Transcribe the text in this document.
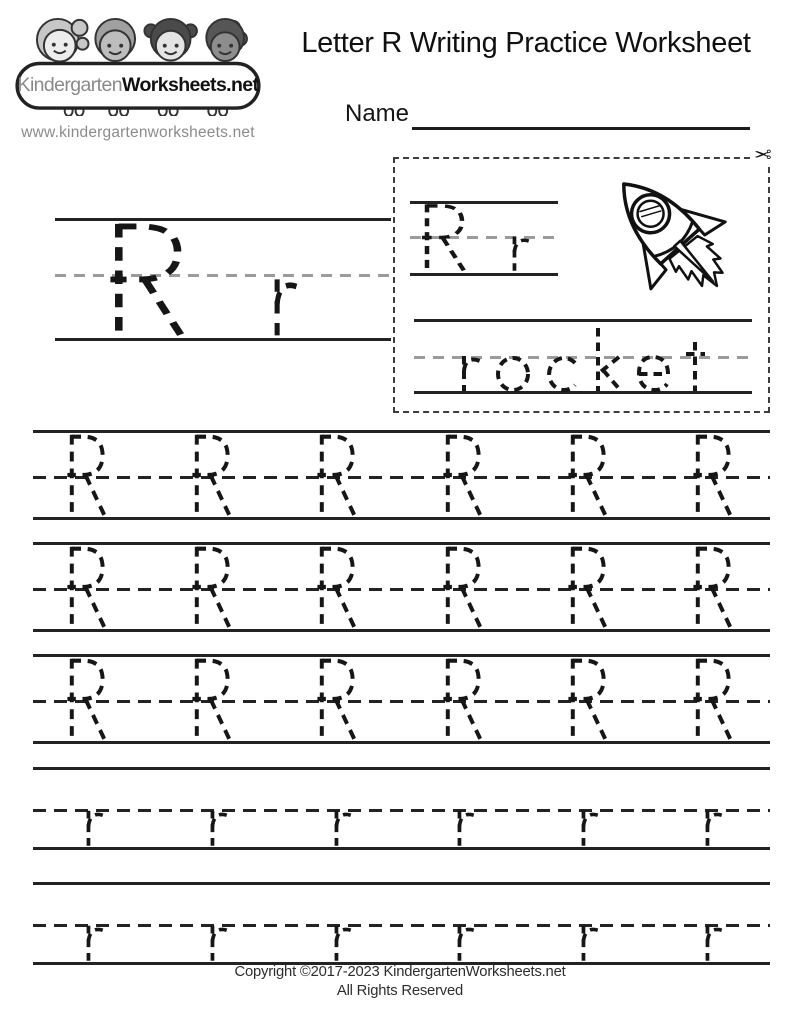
Kindergarten Worksheets.net
www.kindergartenworksheets.net
Letter R Writing Practice Worksheet
Name
✂
Copyright ©2017-2023 KindergartenWorksheets.net
All Rights Reserved
